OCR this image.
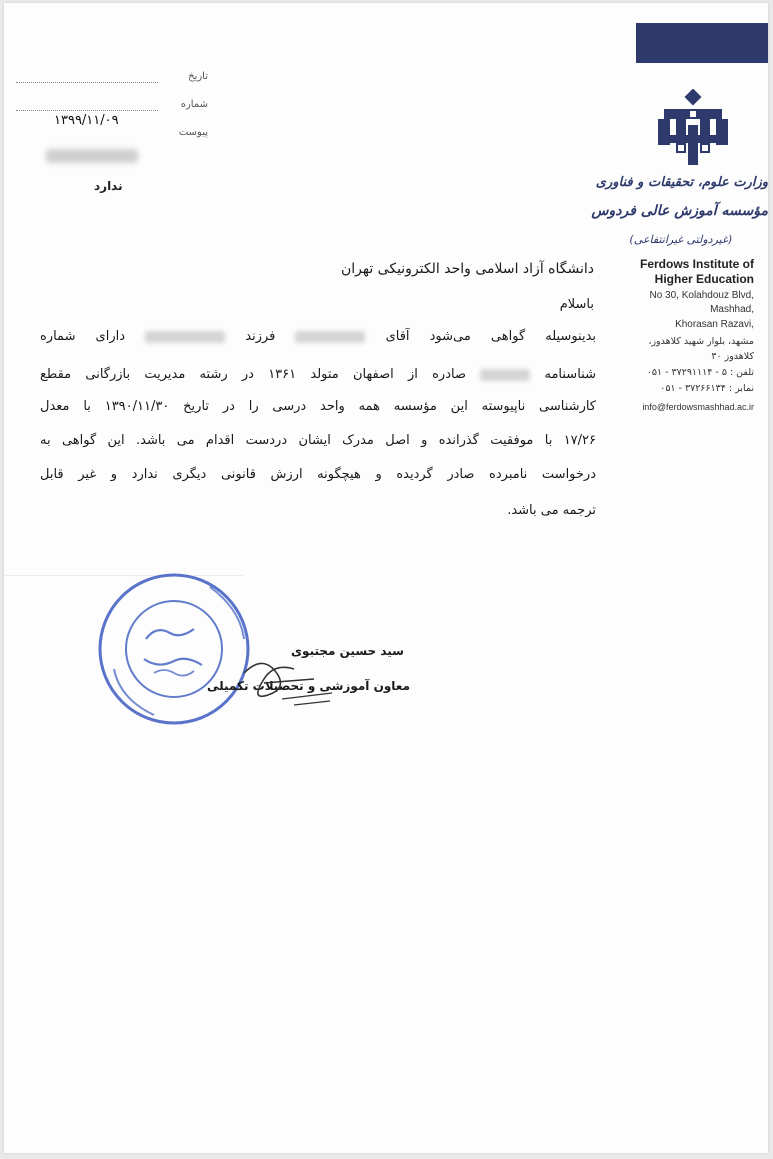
تاریخ
شماره
۱۳۹۹/۱۱/۰۹
پیوست
ندارد	وزارت علوم، تحقیقات و فناوری
مؤسسه آموزش عالی فردوس
(غیردولتی غیرانتفاعی)
Ferdows Institute of
Higher Education
No 30, Kolahdouz Blvd,
Mashhad,
Khorasan Razavi,
مشهد، بلوار شهید کلاهدوز،
کلاهدوز ۳۰
تلفن : ۵ - ۳۷۲۹۱۱۱۴ - ۰۵۱
نمابر : ۳۷۲۶۶۱۳۴ - ۰۵۱
info@ferdowsmashhad.ac.ir
دانشگاه آزاد اسلامی واحد الکترونیکی تهران
باسلام
بدینوسیله گواهی می‌شود آقای  فرزند  دارای شماره
شناسنامه  صادره از اصفهان متولد ۱۳۶۱ در رشته مدیریت بازرگانی مقطع
کارشناسی ناپیوسته این مؤسسه همه واحد درسی را در تاریخ ۱۳۹۰/۱۱/۳۰ با معدل
۱۷/۲۶ با موفقیت گذرانده و اصل مدرک ایشان دردست اقدام می باشد. این گواهی به
درخواست نامبرده صادر گردیده و هیچگونه ارزش قانونی دیگری ندارد و غیر قابل
ترجمه می باشد.
سید حسین مجتبوی
معاون آموزشی و تحصیلات تکمیلی
